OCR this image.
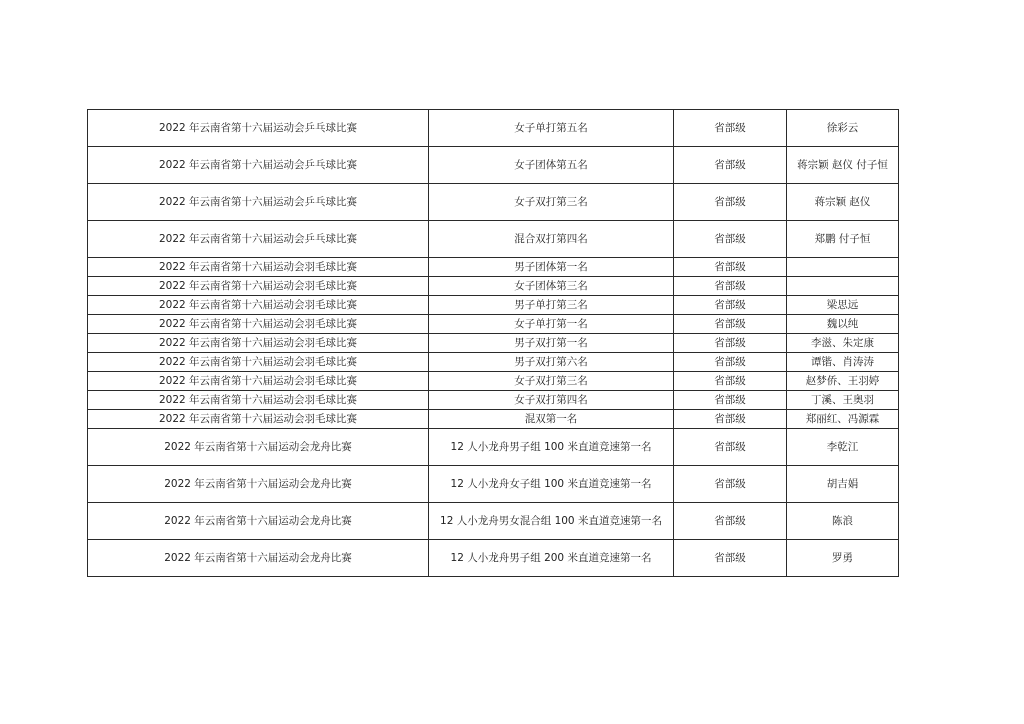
2022 年云南省第十六届运动会乒乓球比赛	女子单打第五名	省部级	徐彩云
2022 年云南省第十六届运动会乒乓球比赛	女子团体第五名	省部级	蒋宗颖 赵仪 付子恒
2022 年云南省第十六届运动会乒乓球比赛	女子双打第三名	省部级	蒋宗颖 赵仪
2022 年云南省第十六届运动会乒乓球比赛	混合双打第四名	省部级	郑鹏 付子恒
2022 年云南省第十六届运动会羽毛球比赛	男子团体第一名	省部级	
2022 年云南省第十六届运动会羽毛球比赛	女子团体第三名	省部级	
2022 年云南省第十六届运动会羽毛球比赛	男子单打第三名	省部级	梁思远
2022 年云南省第十六届运动会羽毛球比赛	女子单打第一名	省部级	魏以纯
2022 年云南省第十六届运动会羽毛球比赛	男子双打第一名	省部级	李滋、朱定康
2022 年云南省第十六届运动会羽毛球比赛	男子双打第六名	省部级	谭锴、肖涛涛
2022 年云南省第十六届运动会羽毛球比赛	女子双打第三名	省部级	赵梦侨、王羽婷
2022 年云南省第十六届运动会羽毛球比赛	女子双打第四名	省部级	丁溪、王奥羽
2022 年云南省第十六届运动会羽毛球比赛	混双第一名	省部级	郑丽红、冯源霖
2022 年云南省第十六届运动会龙舟比赛	12 人小龙舟男子组 100 米直道竞速第一名	省部级	李乾江
2022 年云南省第十六届运动会龙舟比赛	12 人小龙舟女子组 100 米直道竞速第一名	省部级	胡吉娟
2022 年云南省第十六届运动会龙舟比赛	12 人小龙舟男女混合组 100 米直道竞速第一名	省部级	陈浪
2022 年云南省第十六届运动会龙舟比赛	12 人小龙舟男子组 200 米直道竞速第一名	省部级	罗勇
